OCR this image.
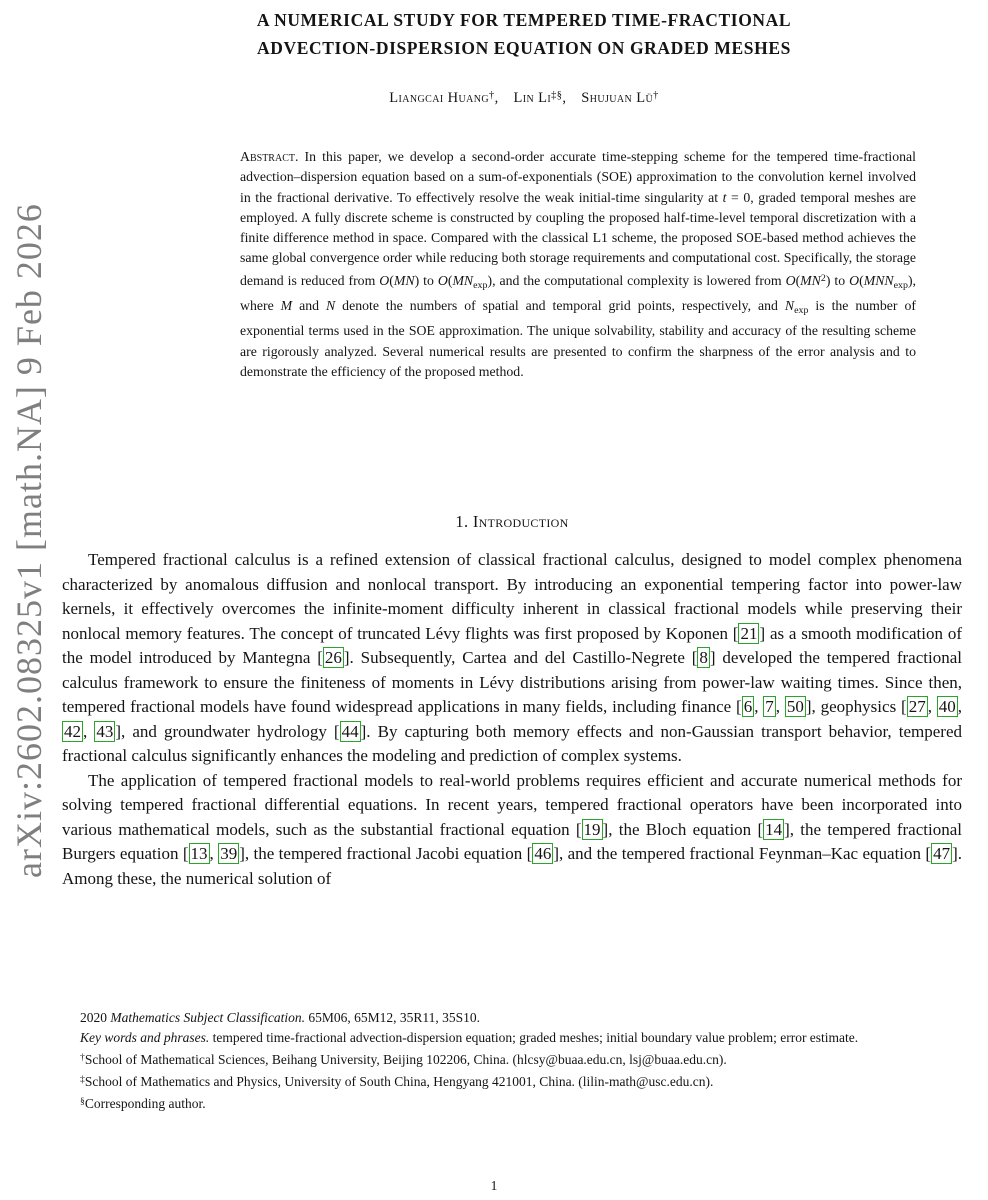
arXiv:2602.08325v1 [math.NA] 9 Feb 2026
A NUMERICAL STUDY FOR TEMPERED TIME-FRACTIONAL
ADVECTION-DISPERSION EQUATION ON GRADED MESHES
Liangcai Huang†, Lin Li‡§, Shujuan Lü†

Abstract. In this paper, we develop a second-order accurate time-stepping scheme for the tempered time-fractional advection–dispersion equation based on a sum-of-exponentials (SOE) approximation to the convolution kernel involved in the fractional derivative. To effectively resolve the weak initial-time singularity at t = 0, graded temporal meshes are employed. A fully discrete scheme is constructed by coupling the proposed half-time-level temporal discretization with a finite difference method in space. Compared with the classical L1 scheme, the proposed SOE-based method achieves the same global convergence order while reducing both storage requirements and computational cost. Specifically, the storage demand is reduced from O(MN) to $O(MN_{exp})$, and the computational complexity is lowered from $O(MN^2)$ to $O(MNN_{exp})$, where M and N denote the numbers of spatial and temporal grid points, respectively, and $N_{exp}$ is the number of exponential terms used in the SOE approximation. The unique solvability, stability and accuracy of the resulting scheme are rigorously analyzed. Several numerical results are presented to confirm the sharpness of the error analysis and to demonstrate the efficiency of the proposed method.

1. Introduction

Tempered fractional calculus is a refined extension of classical fractional calculus, designed to model complex phenomena characterized by anomalous diffusion and nonlocal transport. By introducing an exponential tempering factor into power-law kernels, it effectively overcomes the infinite-moment difficulty inherent in classical fractional models while preserving their nonlocal memory features. The concept of truncated Lévy flights was first proposed by Koponen [ 21 ] as a smooth modification of the model introduced by Mantegna [ 26 ]. Subsequently, Cartea and del Castillo-Negrete [ 8 ] developed the tempered fractional calculus framework to ensure the finiteness of moments in Lévy distributions arising from power-law waiting times. Since then, tempered fractional models have found widespread applications in many fields, including finance [ 6 , 7 , 50 ], geophysics [ 27 , 40 , 42 , 43 ], and groundwater hydrology [ 44 ]. By capturing both memory effects and non-Gaussian transport behavior, tempered fractional calculus significantly enhances the modeling and prediction of complex systems.

The application of tempered fractional models to real-world problems requires efficient and accurate numerical methods for solving tempered fractional differential equations. In recent years, tempered fractional operators have been incorporated into various mathematical models, such as the substantial fractional equation [ 19 ], the Bloch equation [ 14 ], the tempered fractional Burgers equation [ 13 , 39 ], the tempered fractional Jacobi equation [ 46 ], and the tempered fractional Feynman–Kac equation [ 47 ]. Among these, the numerical solution of

2020 Mathematics Subject Classification. 65M06, 65M12, 35R11, 35S10.

Key words and phrases. tempered time-fractional advection-dispersion equation; graded meshes; initial boundary value problem; error estimate.

†School of Mathematical Sciences, Beihang University, Beijing 102206, China. (hlcsy@buaa.edu.cn, lsj@buaa.edu.cn).

‡School of Mathematics and Physics, University of South China, Hengyang 421001, China. (lilin-math@usc.edu.cn).

§Corresponding author.

1
